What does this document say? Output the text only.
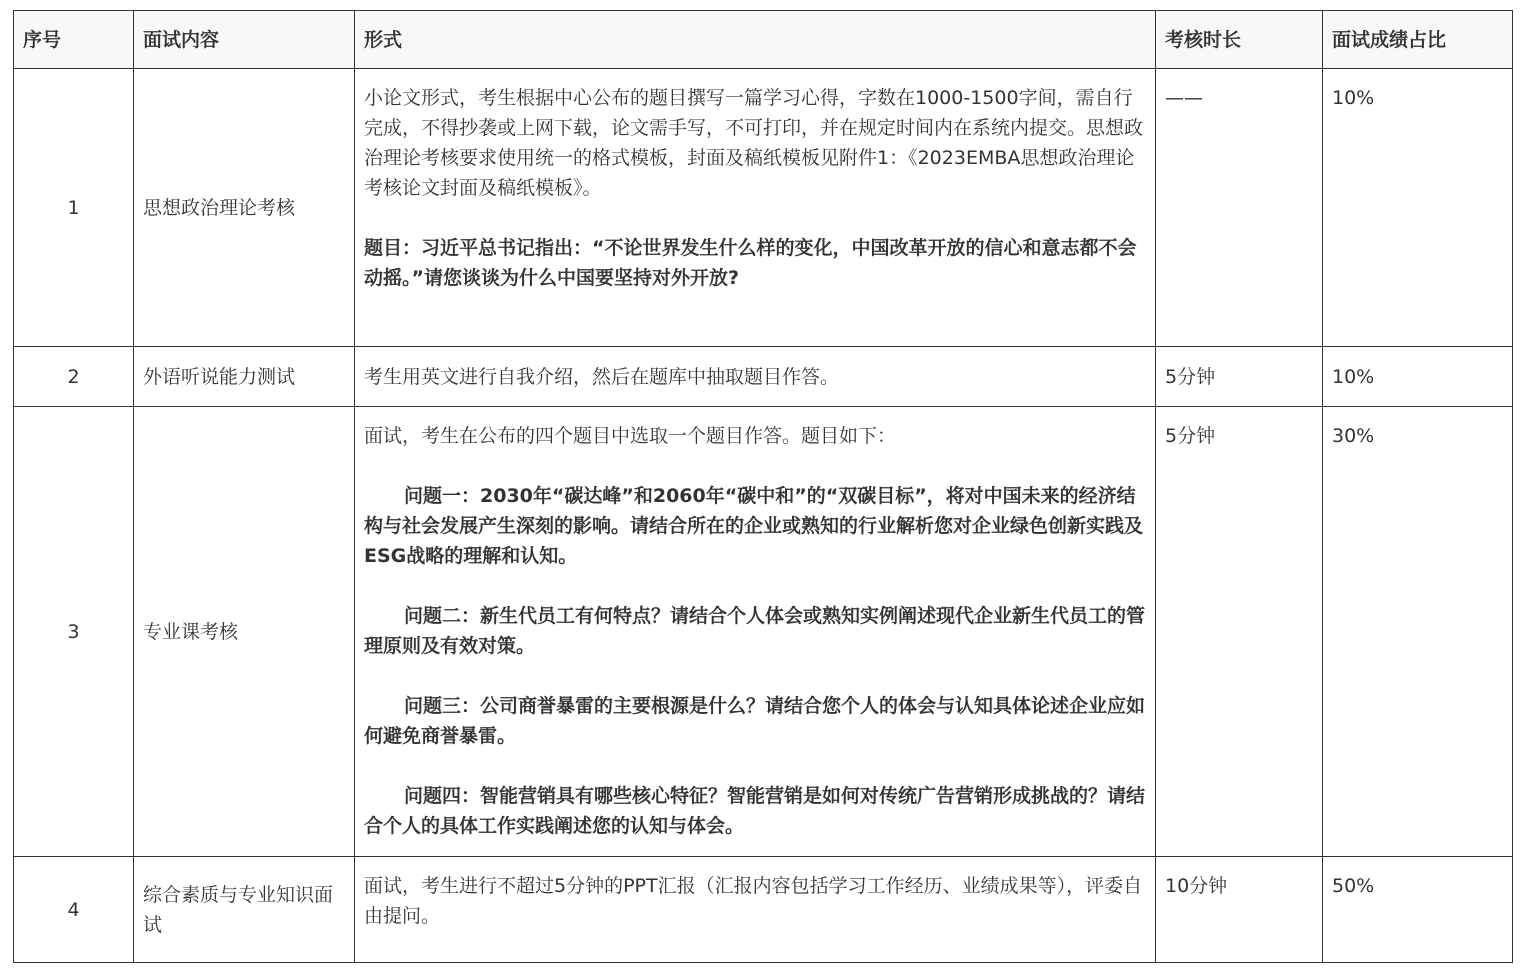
序号	面试内容	形式	考核时长	面试成绩占比
1	思想政治理论考核	小论文形式，考生根据中心公布的题目撰写一篇学习心得，字数在1000-1500字间，需自行完成，不得抄袭或上网下载，论文需手写，不可打印，并在规定时间内在系统内提交。思想政治理论考核要求使用统一的格式模板，封面及稿纸模板见附件1：《2023EMBA思想政治理论考核论文封面及稿纸模板》。

题目：习近平总书记指出：“不论世界发生什么样的变化，中国改革开放的信心和意志都不会动摇。”请您谈谈为什么中国要坚持对外开放?	——	10%
2	外语听说能力测试	考生用英文进行自我介绍，然后在题库中抽取题目作答。	5分钟	10%
3	专业课考核	面试，考生在公布的四个题目中选取一个题目作答。题目如下：

问题一：2030年“碳达峰”和2060年“碳中和”的“双碳目标”，将对中国未来的经济结构与社会发展产生深刻的影响。请结合所在的企业或熟知的行业解析您对企业绿色创新实践及ESG战略的理解和认知。

问题二：新生代员工有何特点？请结合个人体会或熟知实例阐述现代企业新生代员工的管理原则及有效对策。

问题三：公司商誉暴雷的主要根源是什么？请结合您个人的体会与认知具体论述企业应如何避免商誉暴雷。

问题四：智能营销具有哪些核心特征？智能营销是如何对传统广告营销形成挑战的？请结合个人的具体工作实践阐述您的认知与体会。	5分钟	30%
4	综合素质与专业知识面试	面试，考生进行不超过5分钟的PPT汇报（汇报内容包括学习工作经历、业绩成果等），评委自由提问。	10分钟	50%
